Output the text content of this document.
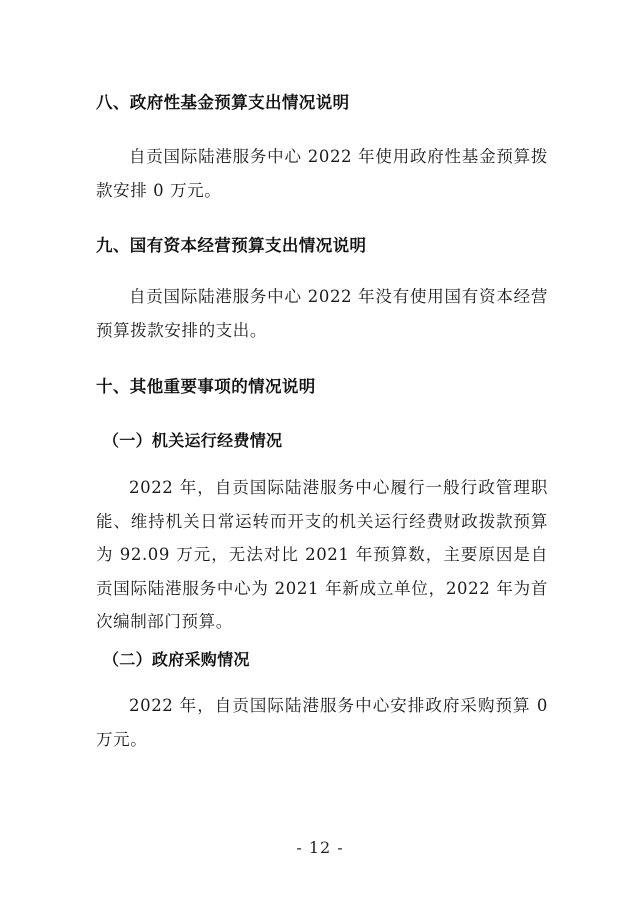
八、政府性基金预算支出情况说明

自贡国际陆港服务中心 2022 年使用政府性基金预算拨款安排 0 万元。

九、国有资本经营预算支出情况说明

自贡国际陆港服务中心 2022 年没有使用国有资本经营预算拨款安排的支出。

十、其他重要事项的情况说明
（一）机关运行经费情况

2022 年，自贡国际陆港服务中心履行一般行政管理职能、维持机关日常运转而开支的机关运行经费财政拨款预算为 92.09 万元，无法对比 2021 年预算数，主要原因是自贡国际陆港服务中心为 2021 年新成立单位，2022 年为首次编制部门预算。

（二）政府采购情况

2022 年，自贡国际陆港服务中心安排政府采购预算 0 万元。

- 12 -
